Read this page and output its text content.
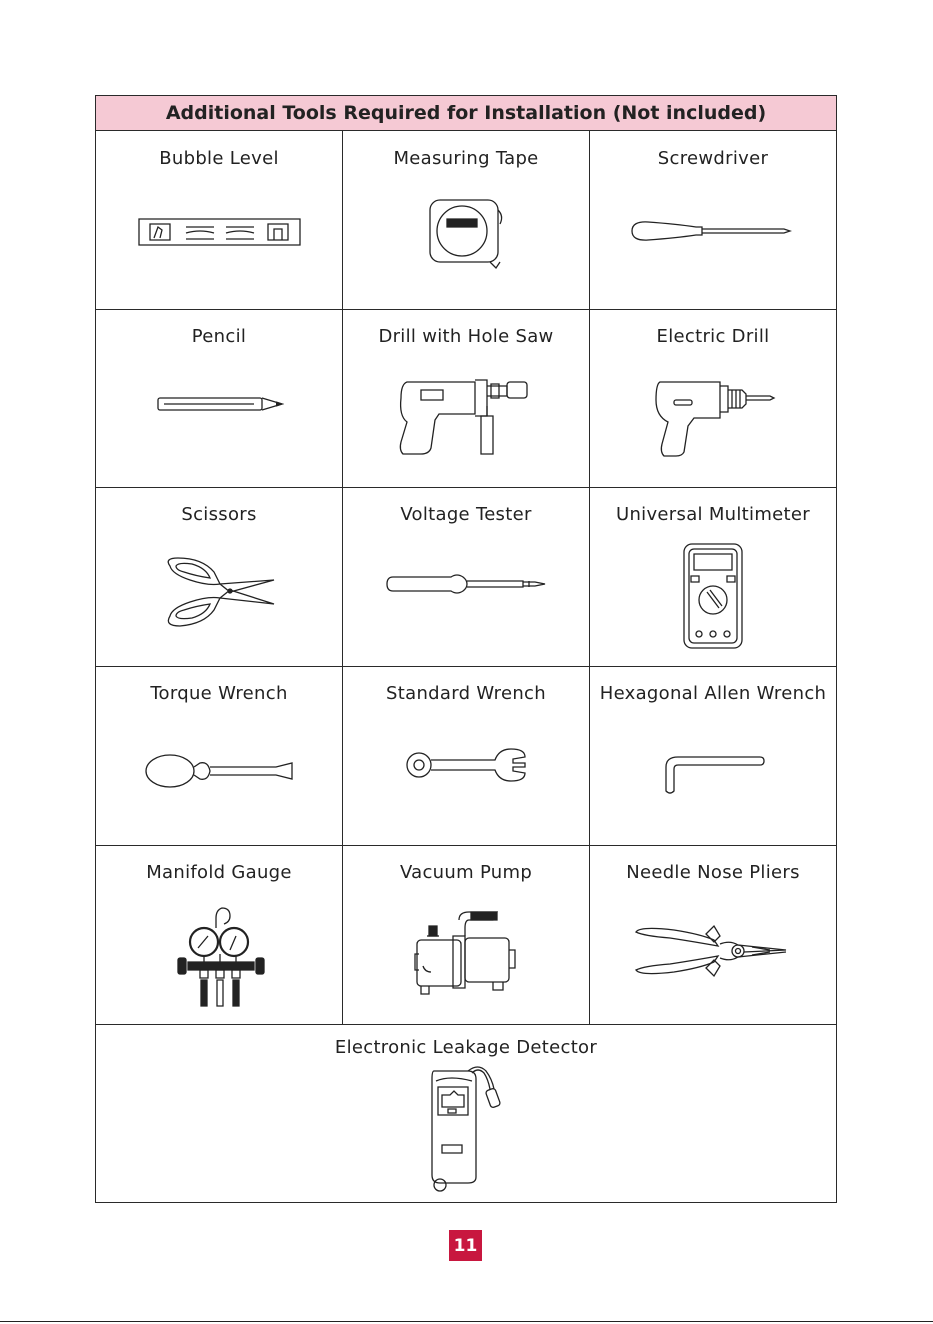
Additional Tools Required for Installation (Not included)
Bubble Level	Measuring Tape	Screwdriver
Pencil	Drill with Hole Saw	Electric Drill
Scissors	Voltage Tester	Universal Multimeter
Torque Wrench	Standard Wrench	Hexagonal Allen Wrench
Manifold Gauge	Vacuum Pump	Needle Nose Pliers
Electronic Leakage Detector
11
